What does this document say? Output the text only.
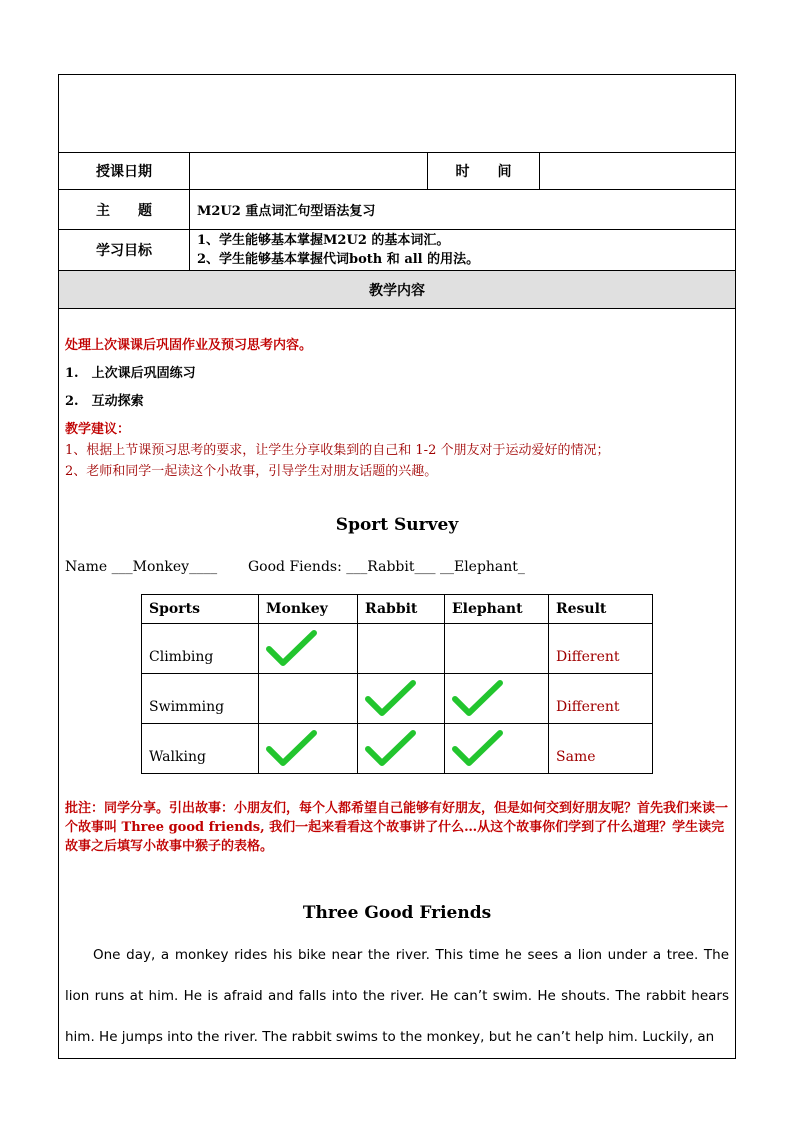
授课日期	时　　间
主　　题	M2U2 重点词汇句型语法复习
学习目标
1、学生能够基本掌握M2U2 的基本词汇。
2、学生能够基本掌握代词both 和 all 的用法。
教学内容
处理上次课课后巩固作业及预习思考内容。
1.　上次课后巩固练习
2.　互动探索
教学建议：
1、根据上节课预习思考的要求，让学生分享收集到的自己和 1-2 个朋友对于运动爱好的情况；
2、老师和同学一起读这个小故事，引导学生对朋友话题的兴趣。
Sport Survey
Name ___Monkey____ Good Fiends: ___Rabbit___ __Elephant_
Sports	Monkey	Rabbit	Elephant	Result
Climbing				Different
Swimming				Different
Walking				Same
批注：同学分享。引出故事：小朋友们，每个人都希望自己能够有好朋友，但是如何交到好朋友呢？首先我们来读一个故事叫 Three good friends, 我们一起来看看这个故事讲了什么…从这个故事你们学到了什么道理？学生读完故事之后填写小故事中猴子的表格。
Three Good Friends
One day, a monkey rides his bike near the river. This time he sees a lion under a tree. The lion runs at him. He is afraid and falls into the river. He can’t swim. He shouts. The rabbit hears him. He jumps into the river. The rabbit swims to the monkey, but he can’t help him. Luckily, an
